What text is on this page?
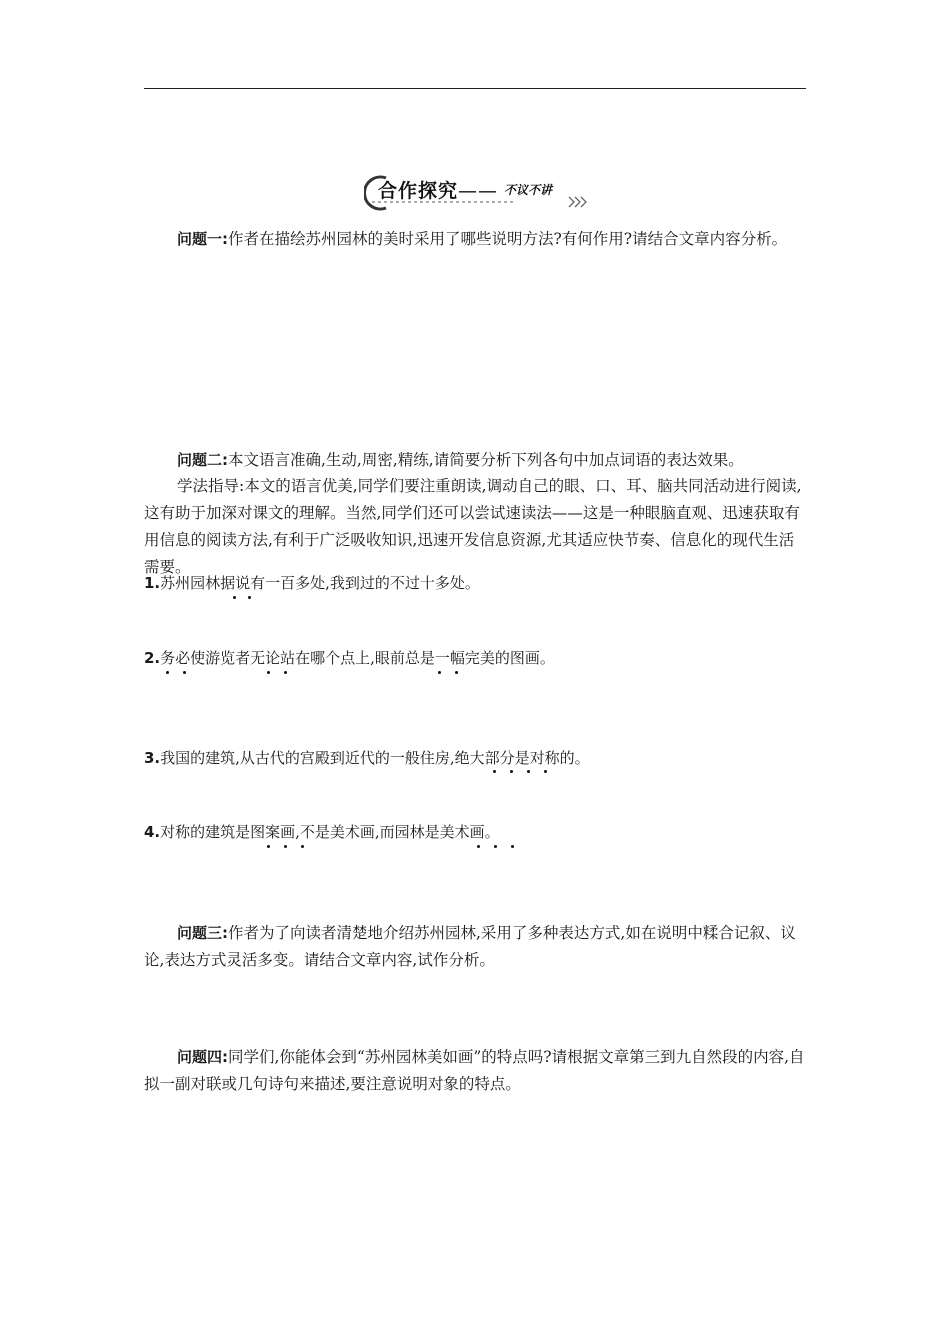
合作探究—— 不议不讲

问题一:作者在描绘苏州园林的美时采用了哪些说明方法?有何作用?请结合文章内容分析。

问题二:本文语言准确,生动,周密,精练,请简要分析下列各句中加点词语的表达效果。

学法指导:本文的语言优美,同学们要注重朗读,调动自己的眼、口、耳、脑共同活动进行阅读,这有助于加深对课文的理解。当然,同学们还可以尝试速读法——这是一种眼脑直观、迅速获取有用信息的阅读方法,有利于广泛吸收知识,迅速开发信息资源,尤其适应快节奏、信息化的现代生活需要。

1.苏州园林据说有一百多处,我到过的不过十多处。

2.务必使游览者无论站在哪个点上,眼前总是一幅完美的图画。

3.我国的建筑,从古代的宫殿到近代的一般住房,绝大部分是对称的。

4.对称的建筑是图案画,不是美术画,而园林是美术画。

问题三:作者为了向读者清楚地介绍苏州园林,采用了多种表达方式,如在说明中糅合记叙、议论,表达方式灵活多变。请结合文章内容,试作分析。

问题四:同学们,你能体会到“苏州园林美如画”的特点吗?请根据文章第三到九自然段的内容,自拟一副对联或几句诗句来描述,要注意说明对象的特点。
